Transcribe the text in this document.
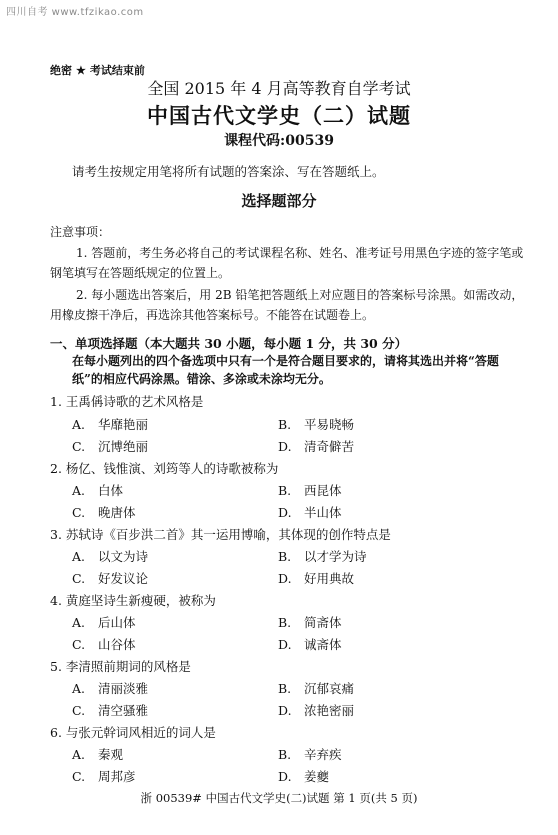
四川自考 www.tfzikao.com
绝密 ★ 考试结束前
全国 2015 年 4 月高等教育自学考试
中国古代文学史（二）试题
课程代码:00539
请考生按规定用笔将所有试题的答案涂、写在答题纸上。
选择题部分
注意事项：
1. 答题前，考生务必将自己的考试课程名称、姓名、准考证号用黑色字迹的签字笔或钢笔填写在答题纸规定的位置上。
2. 每小题选出答案后，用 2B 铅笔把答题纸上对应题目的答案标号涂黑。如需改动，用橡皮擦干净后，再选涂其他答案标号。不能答在试题卷上。
一、单项选择题（本大题共 30 小题，每小题 1 分，共 30 分）
在每小题列出的四个备选项中只有一个是符合题目要求的，请将其选出并将“答题纸”的相应代码涂黑。错涂、多涂或未涂均无分。
1. 王禹偁诗歌的艺术风格是
A. 华靡艳丽	B. 平易晓畅
C. 沉博绝丽	D. 清奇僻苦
2. 杨亿、钱惟演、刘筠等人的诗歌被称为
A. 白体	B. 西昆体
C. 晚唐体	D. 半山体
3. 苏轼诗《百步洪二首》其一运用博喻，其体现的创作特点是
A. 以文为诗	B. 以才学为诗
C. 好发议论	D. 好用典故
4. 黄庭坚诗生新瘦硬，被称为
A. 后山体	B. 简斋体
C. 山谷体	D. 诚斋体
5. 李清照前期词的风格是
A. 清丽淡雅	B. 沉郁哀痛
C. 清空骚雅	D. 浓艳密丽
6. 与张元幹词风相近的词人是
A. 秦观	B. 辛弃疾
C. 周邦彦	D. 姜夔
浙 00539# 中国古代文学史(二)试题 第 1 页(共 5 页)
